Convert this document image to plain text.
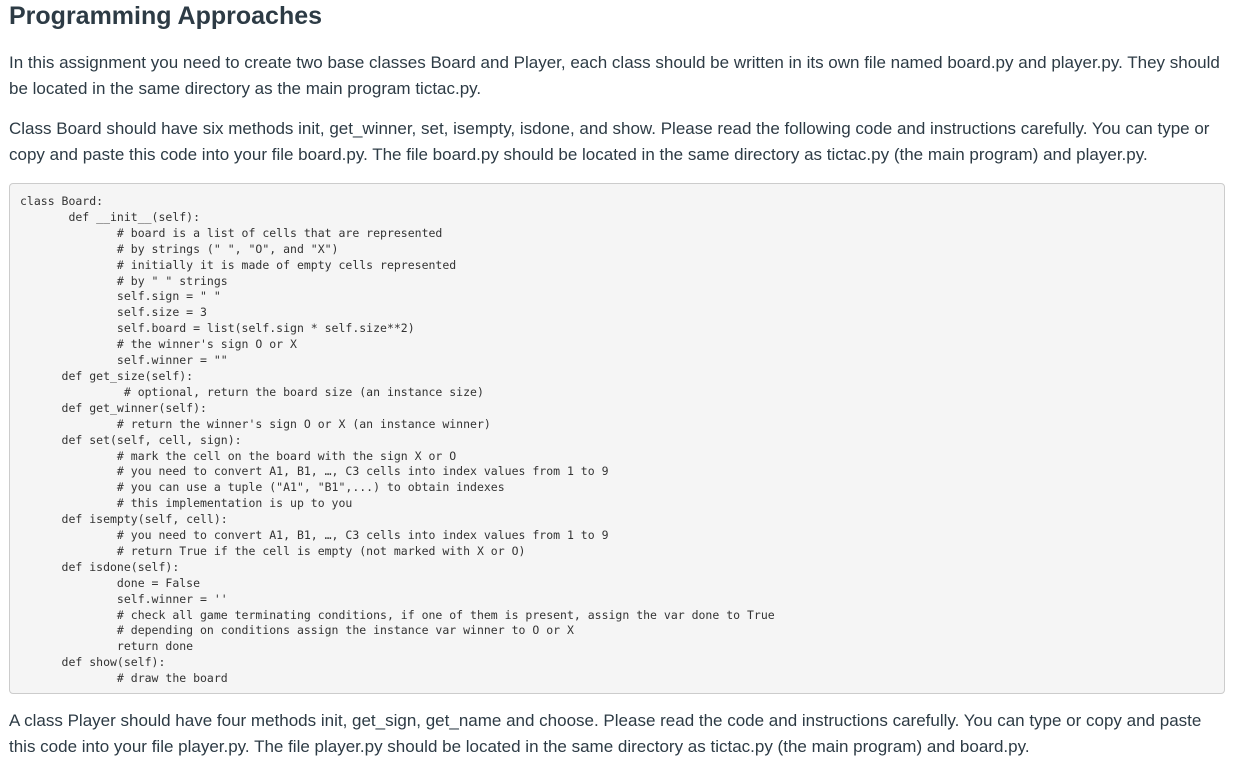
Programming Approaches

In this assignment you need to create two base classes Board and Player, each class should be written in its own file named board.py and player.py. They should be located in the same directory as the main program tictac.py.

Class Board should have six methods init, get_winner, set, isempty, isdone, and show. Please read the following code and instructions carefully. You can type or copy and paste this code into your file board.py. The file board.py should be located in the same directory as tictac.py (the main program) and player.py.

class Board:
def __init__(self):
# board is a list of cells that are represented
# by strings (" ", "O", and "X")
# initially it is made of empty cells represented
# by " " strings
self.sign = " "
self.size = 3
self.board = list(self.sign * self.size**2)
# the winner's sign O or X
self.winner = ""
def get_size(self):
# optional, return the board size (an instance size)
def get_winner(self):
# return the winner's sign O or X (an instance winner)
def set(self, cell, sign):
# mark the cell on the board with the sign X or O
# you need to convert A1, B1, …, C3 cells into index values from 1 to 9
# you can use a tuple ("A1", "B1",...) to obtain indexes
# this implementation is up to you
def isempty(self, cell):
# you need to convert A1, B1, …, C3 cells into index values from 1 to 9
# return True if the cell is empty (not marked with X or O)
def isdone(self):
done = False
self.winner = ''
# check all game terminating conditions, if one of them is present, assign the var done to True
# depending on conditions assign the instance var winner to O or X
return done
def show(self):
# draw the board

A class Player should have four methods init, get_sign, get_name and choose. Please read the code and instructions carefully. You can type or copy and paste this code into your file player.py. The file player.py should be located in the same directory as tictac.py (the main program) and board.py.
